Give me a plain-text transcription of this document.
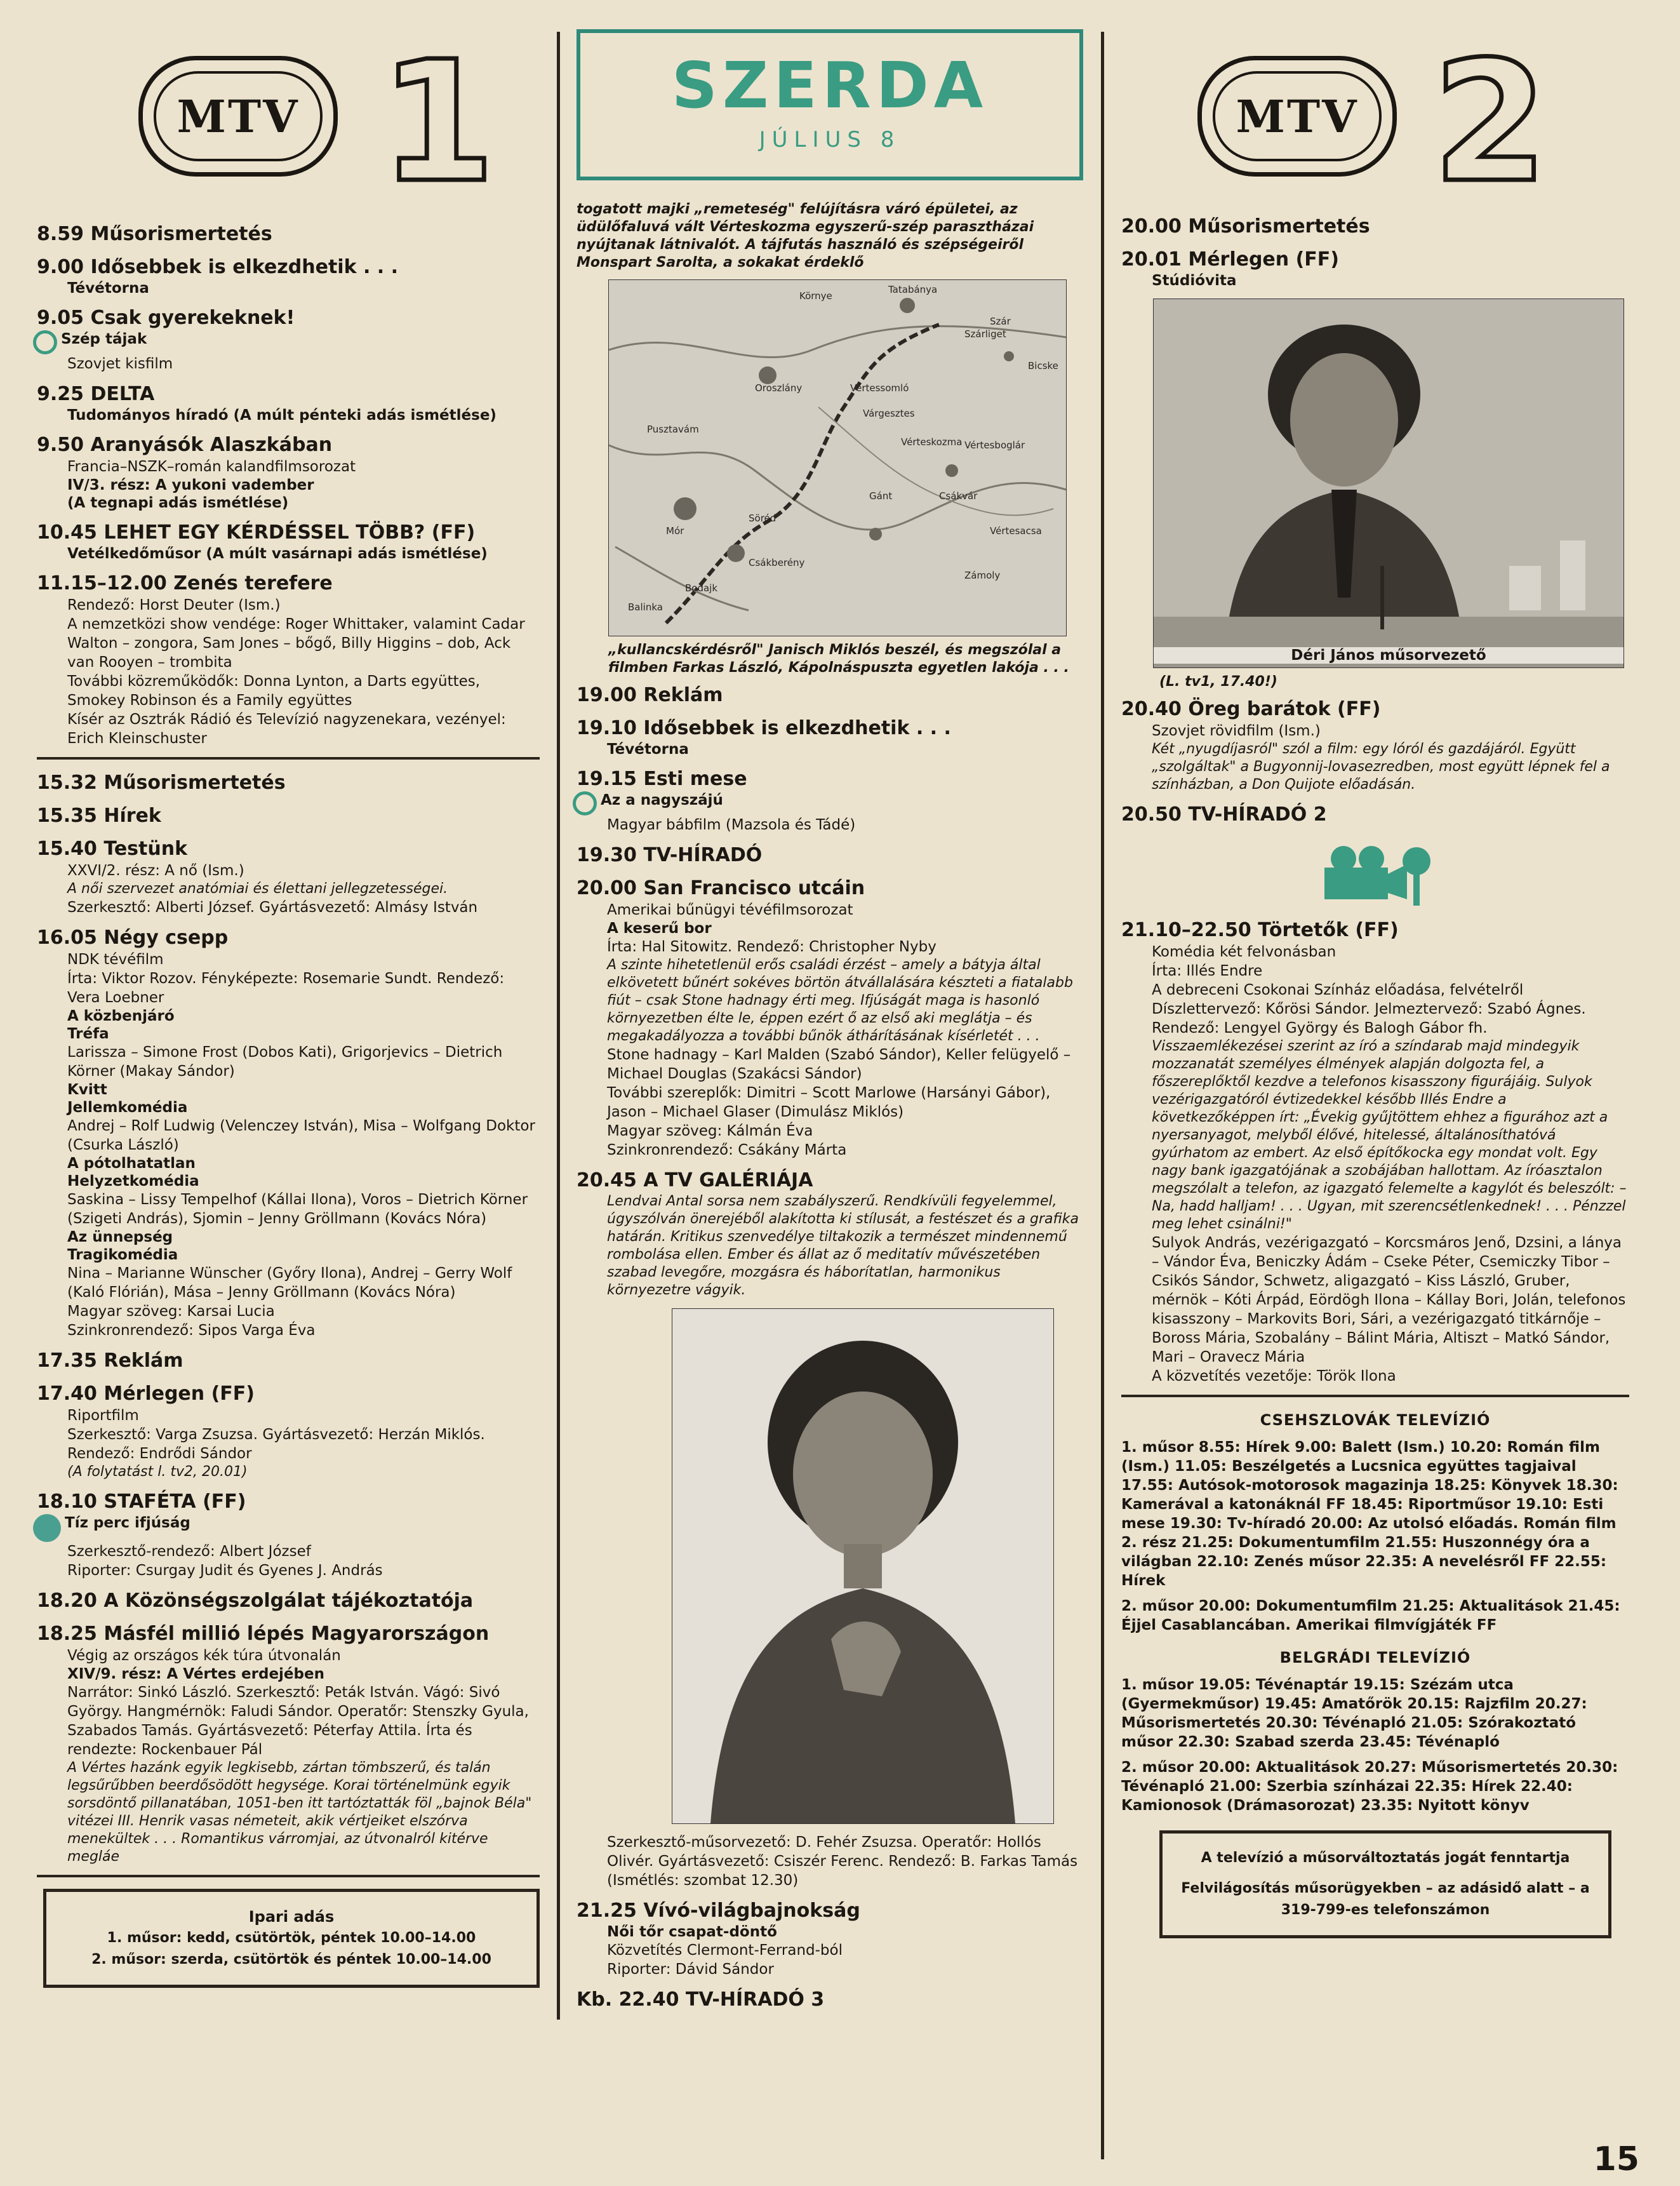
MTV 1
8.59 Műsorismertetés
9.00 Idősebbek is elkezdhetik . . .
Tévétorna
9.05 Csak gyerekeknek!
Szép tájak
Szovjet kisfilm
9.25 DELTA
Tudományos híradó (A múlt pénteki adás ismétlése)
9.50 Aranyásók Alaszkában
Francia–NSZK–román kalandfilmsorozat
IV/3. rész: A yukoni vadember
(A tegnapi adás ismétlése)
10.45 LEHET EGY KÉRDÉSSEL TÖBB? (FF)
Vetélkedőműsor (A múlt vasárnapi adás ismétlése)
11.15–12.00 Zenés terefere
Rendező: Horst Deuter (Ism.)
A nemzetközi show vendége: Roger Whittaker, valamint Cadar Walton – zongora, Sam Jones – bőgő, Billy Higgins – dob, Ack van Rooyen – trombita
További közreműködők: Donna Lynton, a Darts együttes, Smokey Robinson és a Family együttes
Kísér az Osztrák Rádió és Televízió nagyzenekara, vezényel: Erich Kleinschuster
15.32 Műsorismertetés
15.35 Hírek
15.40 Testünk
XXVI/2. rész: A nő (Ism.)
A női szervezet anatómiai és élettani jellegzetességei.
Szerkesztő: Alberti József. Gyártásvezető: Almásy István
16.05 Négy csepp
NDK tévéfilm
Írta: Viktor Rozov. Fényképezte: Rosemarie Sundt. Rendező: Vera Loebner
A közbenjáró
Tréfa
Larissza – Simone Frost (Dobos Kati), Grigorjevics – Dietrich Körner (Makay Sándor)
Kvitt
Jellemkomédia
Andrej – Rolf Ludwig (Velenczey István), Misa – Wolfgang Doktor (Csurka László)
A pótolhatatlan
Helyzetkomédia
Saskina – Lissy Tempelhof (Kállai Ilona), Voros – Dietrich Körner (Szigeti András), Sjomin – Jenny Gröllmann (Kovács Nóra)
Az ünnepség
Tragikomédia
Nina – Marianne Wünscher (Győry Ilona), Andrej – Gerry Wolf (Kaló Flórián), Mása – Jenny Gröllmann (Kovács Nóra)
Magyar szöveg: Karsai Lucia
Szinkronrendező: Sipos Varga Éva
17.35 Reklám
17.40 Mérlegen (FF)
Riportfilm
Szerkesztő: Varga Zsuzsa. Gyártásvezető: Herzán Miklós. Rendező: Endrődi Sándor
(A folytatást l. tv2, 20.01)
18.10 STAFÉTA (FF)
Tíz perc ifjúság
Szerkesztő-rendező: Albert József
Riporter: Csurgay Judit és Gyenes J. András
18.20 A Közönségszolgálat tájékoztatója
18.25 Másfél millió lépés Magyarországon
Végig az országos kék túra útvonalán
XIV/9. rész: A Vértes erdejében
Narrátor: Sinkó László. Szerkesztő: Peták István. Vágó: Sivó György. Hangmérnök: Faludi Sándor. Operatőr: Stenszky Gyula, Szabados Tamás. Gyártásvezető: Péterfay Attila. Írta és rendezte: Rockenbauer Pál
A Vértes hazánk egyik legkisebb, zártan tömbszerű, és talán legsűrűbben beerdősödött hegysége. Korai történelmünk egyik sorsdöntő pillanatában, 1051-ben itt tartóztatták föl „bajnok Béla" vitézei III. Henrik vasas németeit, akik vértjeiket elszórva menekültek . . . Romantikus várromjai, az útvonalról kitérve megláe
Ipari adás
1. műsor: kedd, csütörtök, péntek 10.00–14.00
2. műsor: szerda, csütörtök és péntek 10.00–14.00
SZERDA
JÚLIUS 8
togatott majki „remeteség" felújításra váró épületei, az üdülőfaluvá vált Vérteskozma egyszerű-szép parasztházai nyújtanak látnivalót. A tájfutás használó és szépségeiről Monspart Sarolta, a sokakat érdeklő
Környe
Tatabánya
Oroszlány	Vértessomló
Várgesztes
Vérteskozma
Pusztavám
Gánt	Csákvár
Mór
Söréd
Csákberény
Bodajk
Balinka
Zámoly
Vértesacsa
Vértesboglár
Szár
Szárliget
Bicske
„kullancskérdésről" Janisch Miklós beszél, és megszólal a filmben Farkas László, Kápolnáspuszta egyetlen lakója . . .
19.00 Reklám
19.10 Idősebbek is elkezdhetik . . .
Tévétorna
19.15 Esti mese
Az a nagyszájú
Magyar bábfilm (Mazsola és Tádé)
19.30 TV-HÍRADÓ
20.00 San Francisco utcáin
Amerikai bűnügyi tévéfilmsorozat
A keserű bor
Írta: Hal Sitowitz. Rendező: Christopher Nyby
A szinte hihetetlenül erős családi érzést – amely a bátyja által elkövetett bűnért sokéves börtön átvállalására készteti a fiatalabb fiút – csak Stone hadnagy érti meg. Ifjúságát maga is hasonló környezetben élte le, éppen ezért ő az első aki meglátja – és megakadályozza a további bűnök áthárításának kísérletét . . .
Stone hadnagy – Karl Malden (Szabó Sándor), Keller felügyelő – Michael Douglas (Szakácsi Sándor)
További szereplők: Dimitri – Scott Marlowe (Harsányi Gábor), Jason – Michael Glaser (Dimulász Miklós)
Magyar szöveg: Kálmán Éva
Szinkronrendező: Csákány Márta
20.45 A TV GALÉRIÁJA
Lendvai Antal sorsa nem szabályszerű. Rendkívüli fegyelemmel, úgyszólván önerejéből alakította ki stílusát, a festészet és a grafika határán. Kritikus szenvedélye tiltakozik a természet mindennemű rombolása ellen. Ember és állat az ő meditatív művészetében szabad levegőre, mozgásra és háborítatlan, harmonikus környezetre vágyik.
Szerkesztő-műsorvezető: D. Fehér Zsuzsa. Operatőr: Hollós Olivér. Gyártásvezető: Csiszér Ferenc. Rendező: B. Farkas Tamás
(Ismétlés: szombat 12.30)
21.25 Vívó-világbajnokság
Női tőr csapat-döntő
Közvetítés Clermont-Ferrand-ból
Riporter: Dávid Sándor
Kb. 22.40 TV-HÍRADÓ 3
MTV 2
20.00 Műsorismertetés
20.01 Mérlegen (FF)
Stúdióvita
Déri János műsorvezető
(L. tv1, 17.40!)
20.40 Öreg barátok (FF)
Szovjet rövidfilm (Ism.)
Két „nyugdíjasról" szól a film: egy lóról és gazdájáról. Együtt „szolgáltak" a Bugyonnij-lovasezredben, most együtt lépnek fel a színházban, a Don Quijote előadásán.
20.50 TV-HÍRADÓ 2
21.10–22.50 Törtetők (FF)
Komédia két felvonásban
Írta: Illés Endre
A debreceni Csokonai Színház előadása, felvételről
Díszlettervező: Kőrösi Sándor. Jelmeztervező: Szabó Ágnes. Rendező: Lengyel György és Balogh Gábor fh.
Visszaemlékezései szerint az író a színdarab majd mindegyik mozzanatát személyes élmények alapján dolgozta fel, a főszereplőktől kezdve a telefonos kisasszony figurájáig. Sulyok vezérigazgatóról évtizedekkel később Illés Endre a következőképpen írt: „Évekig gyűjtöttem ehhez a figurához azt a nyersanyagot, melyből élővé, hitelessé, általánosíthatóvá gyúrhatom az embert. Az első építőkocka egy mondat volt. Egy nagy bank igazgatójának a szobájában hallottam. Az íróasztalon megszólalt a telefon, az igazgató felemelte a kagylót és beleszólt: – Na, hadd halljam! . . . Ugyan, mit szerencsétlenkednek! . . . Pénzzel meg lehet csinálni!"
Sulyok András, vezérigazgató – Korcsmáros Jenő, Dzsini, a lánya – Vándor Éva, Beniczky Ádám – Cseke Péter, Csemiczky Tibor – Csikós Sándor, Schwetz, aligazgató – Kiss László, Gruber, mérnök – Kóti Árpád, Eördögh Ilona – Kállay Bori, Jolán, telefonos kisasszony – Markovits Bori, Sári, a vezérigazgató titkárnője – Boross Mária, Szobalány – Bálint Mária, Altiszt – Matkó Sándor, Mari – Oravecz Mária
A közvetítés vezetője: Török Ilona
CSEHSZLOVÁK TELEVÍZIÓ
1. műsor 8.55: Hírek 9.00: Balett (Ism.) 10.20: Román film (Ism.) 11.05: Beszélgetés a Lucsnica együttes tagjaival 17.55: Autósok-motorosok magazinja 18.25: Könyvek 18.30: Kamerával a katonáknál FF 18.45: Riportműsor 19.10: Esti mese 19.30: Tv-híradó 20.00: Az utolsó előadás. Román film 2. rész 21.25: Dokumentumfilm 21.55: Huszonnégy óra a világban 22.10: Zenés műsor 22.35: A nevelésről FF 22.55: Hírek
2. műsor 20.00: Dokumentumfilm 21.25: Aktualitások 21.45: Éjjel Casablancában. Amerikai filmvígjáték FF
BELGRÁDI TELEVÍZIÓ
1. műsor 19.05: Tévénaptár 19.15: Szézám utca (Gyermekműsor) 19.45: Amatőrök 20.15: Rajzfilm 20.27: Műsorismertetés 20.30: Tévénapló 21.05: Szórakoztató műsor 22.30: Szabad szerda 23.45: Tévénapló
2. műsor 20.00: Aktualitások 20.27: Műsorismertetés 20.30: Tévénapló 21.00: Szerbia színházai 22.35: Hírek 22.40: Kamionosok (Drámasorozat) 23.35: Nyitott könyv
A televízió a műsorváltoztatás jogát fenntartja
Felvilágosítás műsorügyekben – az adásidő alatt – a 319-799-es telefonszámon
15
